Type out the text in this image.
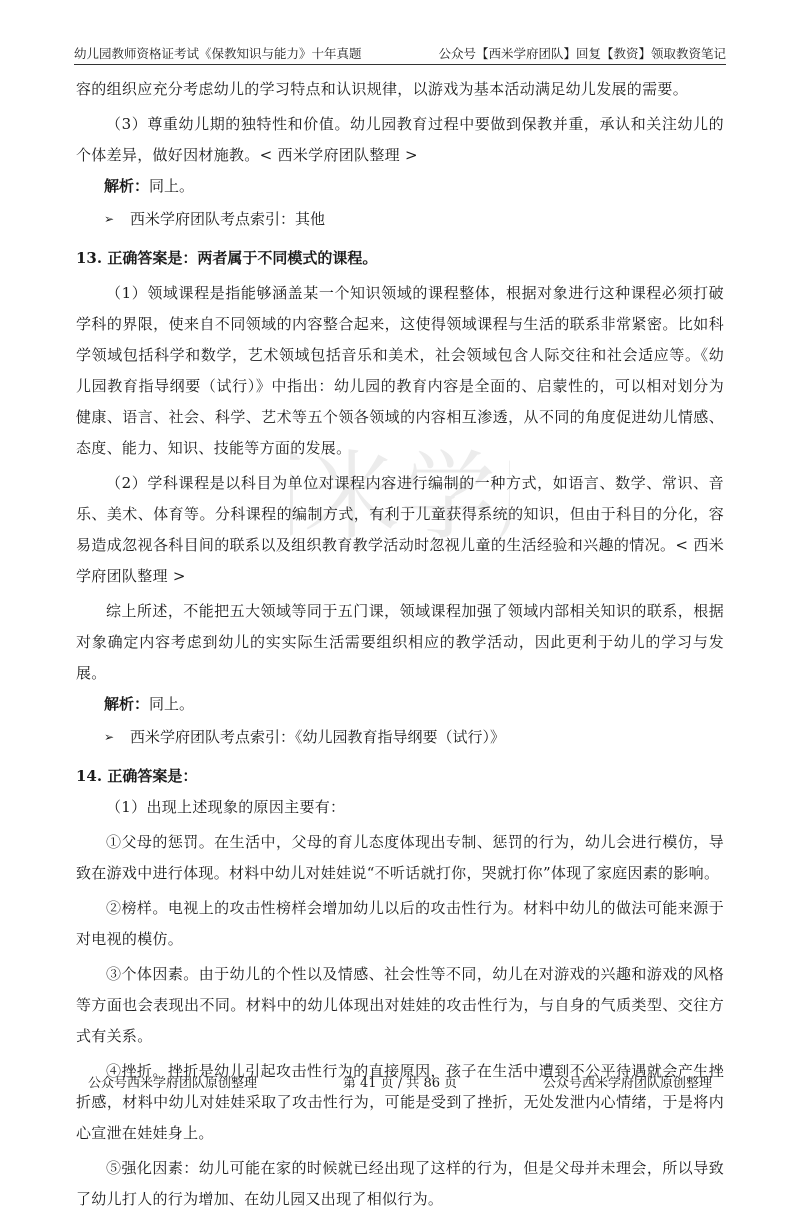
幼儿园教师资格证考试《保教知识与能力》十年真题	公众号【西米学府团队】回复【教资】领取教资笔记
米学

容的组织应充分考虑幼儿的学习特点和认识规律，以游戏为基本活动满足幼儿发展的需要。

（3）尊重幼儿期的独特性和价值。幼儿园教育过程中要做到保教并重，承认和关注幼儿的个体差异，做好因材施教。< 西米学府团队整理 >

解析：同上。

➢	西米学府团队考点索引：其他

13. 正确答案是：两者属于不同模式的课程。

（1）领域课程是指能够涵盖某一个知识领域的课程整体，根据对象进行这种课程必须打破学科的界限，使来自不同领域的内容整合起来，这使得领域课程与生活的联系非常紧密。比如科学领域包括科学和数学，艺术领域包括音乐和美术，社会领域包含人际交往和社会适应等。《幼儿园教育指导纲要（试行）》中指出：幼儿园的教育内容是全面的、启蒙性的，可以相对划分为健康、语言、社会、科学、艺术等五个领各领域的内容相互渗透，从不同的角度促进幼儿情感、态度、能力、知识、技能等方面的发展。

（2）学科课程是以科目为单位对课程内容进行编制的一种方式，如语言、数学、常识、音乐、美术、体育等。分科课程的编制方式，有利于儿童获得系统的知识，但由于科目的分化，容易造成忽视各科目间的联系以及组织教育教学活动时忽视儿童的生活经验和兴趣的情况。< 西米学府团队整理 >

综上所述，不能把五大领域等同于五门课，领域课程加强了领域内部相关知识的联系，根据对象确定内容考虑到幼儿的实实际生活需要组织相应的教学活动，因此更利于幼儿的学习与发展。

解析：同上。

➢	西米学府团队考点索引：《幼儿园教育指导纲要（试行）》

14. 正确答案是：

（1）出现上述现象的原因主要有：

①父母的惩罚。在生活中，父母的育儿态度体现出专制、惩罚的行为，幼儿会进行模仿，导致在游戏中进行体现。材料中幼儿对娃娃说“不听话就打你，哭就打你”体现了家庭因素的影响。

②榜样。电视上的攻击性榜样会增加幼儿以后的攻击性行为。材料中幼儿的做法可能来源于对电视的模仿。

③个体因素。由于幼儿的个性以及情感、社会性等不同，幼儿在对游戏的兴趣和游戏的风格等方面也会表现出不同。材料中的幼儿体现出对娃娃的攻击性行为，与自身的气质类型、交往方式有关系。

④挫折。挫折是幼儿引起攻击性行为的直接原因，孩子在生活中遭到不公平待遇就会产生挫折感，材料中幼儿对娃娃采取了攻击性行为，可能是受到了挫折，无处发泄内心情绪，于是将内心宣泄在娃娃身上。

⑤强化因素：幼儿可能在家的时候就已经出现了这样的行为，但是父母并未理会，所以导致了幼儿打人的行为增加、在幼儿园又出现了相似行为。

公众号西米学府团队原创整理	第 41 页 / 共 86 页	公众号西米学府团队原创整理
